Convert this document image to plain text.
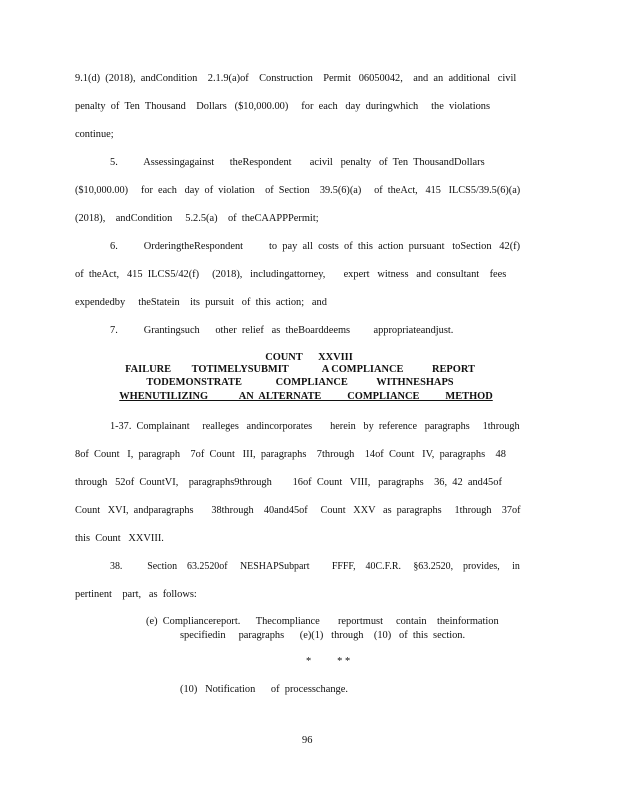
9.1(d)  (2018),  andCondition    2.1.9(a)of    Construction    Permit   06050042,    and  an  additional   civil
penalty  of  Ten  Thousand    Dollars   ($10,000.00)     for  each   day  duringwhich     the  violations
continue;
5.          Assessingagainst      theRespondent       acivil   penalty   of  Ten  ThousandDollars
($10,000.00)     for  each   day  of  violation    of  Section    39.5(6)(a)     of  theAct,   415   ILCS5/39.5(6)(a)
(2018),    andCondition     5.2.5(a)    of  theCAAPPPermit;
6.          OrderingtheRespondent          to  pay  all  costs  of  this  action  pursuant   toSection   42(f)
of  theAct,   415  ILCS5/42(f)     (2018),   includingattorney,       expert   witness   and  consultant    fees
expendedby     theStatein    its  pursuit   of  this  action;   and
7.          Grantingsuch      other  relief   as  theBoarddeems         appropriateandjust.
COUNT      XXVIII
FAILURE        TOTIMELYSUBMIT             A COMPLIANCE           REPORT
TODEMONSTRATE             COMPLIANCE           WITHNESHAPS
WHENUTILIZING            AN  ALTERNATE          COMPLIANCE          METHOD
1-37.  Complainant     realleges   andincorporates       herein   by  reference   paragraphs     1through
8of  Count   I,  paragraph    7of  Count   III,  paragraphs    7through    14of  Count   IV,  paragraphs    48
through   52of  CountVI,    paragraphs9through        16of  Count   VIII,   paragraphs    36,  42  and45of
Count   XVI,  andparagraphs       38through    40and45of     Count   XXV   as  paragraphs     1through    37of
this  Count   XXVIII.
38.          Section    63.2520of     NESHAPSubpart         FFFF,    40C.F.R.     §63.2520,    provides,     in
pertinent    part,   as  follows:
(e)  Compliancereport.      Thecompliance       reportmust     contain    theinformation
specifiedin     paragraphs      (e)(1)   through    (10)   of  this  section.
*          * *
(10)   Notification      of  processchange.
96
